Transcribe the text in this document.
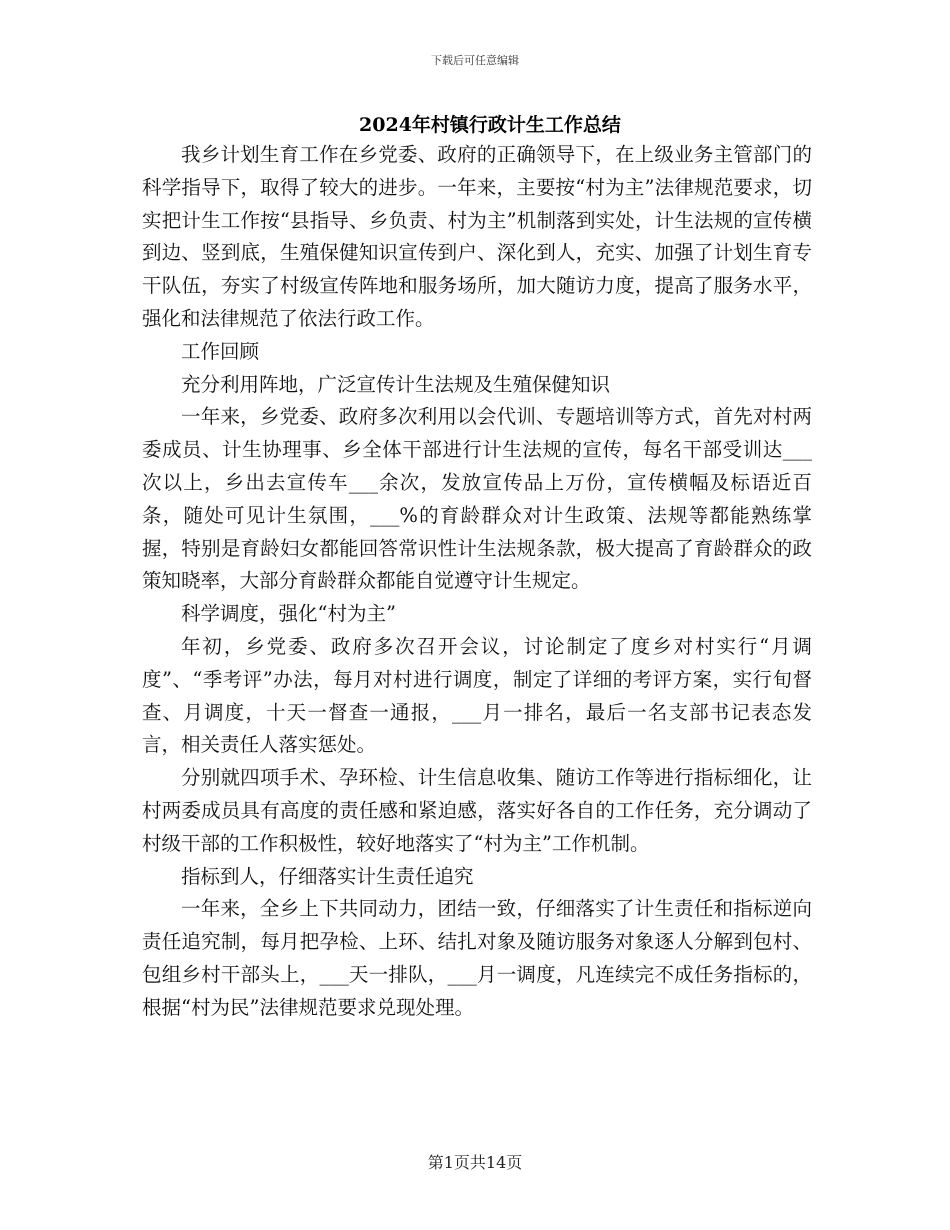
下载后可任意编辑
2024年村镇行政计生工作总结

我乡计划生育工作在乡党委、政府的正确领导下，在上级业务主管部门的科学指导下，取得了较大的进步。一年来，主要按“村为主”法律规范要求，切实把计生工作按“县指导、乡负责、村为主”机制落到实处，计生法规的宣传横到边、竖到底，生殖保健知识宣传到户、深化到人，充实、加强了计划生育专干队伍，夯实了村级宣传阵地和服务场所，加大随访力度，提高了服务水平，强化和法律规范了依法行政工作。

工作回顾

充分利用阵地，广泛宣传计生法规及生殖保健知识

一年来，乡党委、政府多次利用以会代训、专题培训等方式，首先对村两委成员、计生协理事、乡全体干部进行计生法规的宣传，每名干部受训达___次以上，乡出去宣传车___余次，发放宣传品上万份，宣传横幅及标语近百条，随处可见计生氛围，___%的育龄群众对计生政策、法规等都能熟练掌握，特别是育龄妇女都能回答常识性计生法规条款，极大提高了育龄群众的政策知晓率，大部分育龄群众都能自觉遵守计生规定。

科学调度，强化“村为主”

年初，乡党委、政府多次召开会议，讨论制定了度乡对村实行“月调度”、“季考评”办法，每月对村进行调度，制定了详细的考评方案，实行旬督查、月调度，十天一督查一通报，___月一排名，最后一名支部书记表态发言，相关责任人落实惩处。

分别就四项手术、孕环检、计生信息收集、随访工作等进行指标细化，让村两委成员具有高度的责任感和紧迫感，落实好各自的工作任务，充分调动了村级干部的工作积极性，较好地落实了“村为主”工作机制。

指标到人，仔细落实计生责任追究

一年来，全乡上下共同动力，团结一致，仔细落实了计生责任和指标逆向责任追究制，每月把孕检、上环、结扎对象及随访服务对象逐人分解到包村、包组乡村干部头上，___天一排队，___月一调度，凡连续完不成任务指标的，根据“村为民”法律规范要求兑现处理。

第1页共14页
